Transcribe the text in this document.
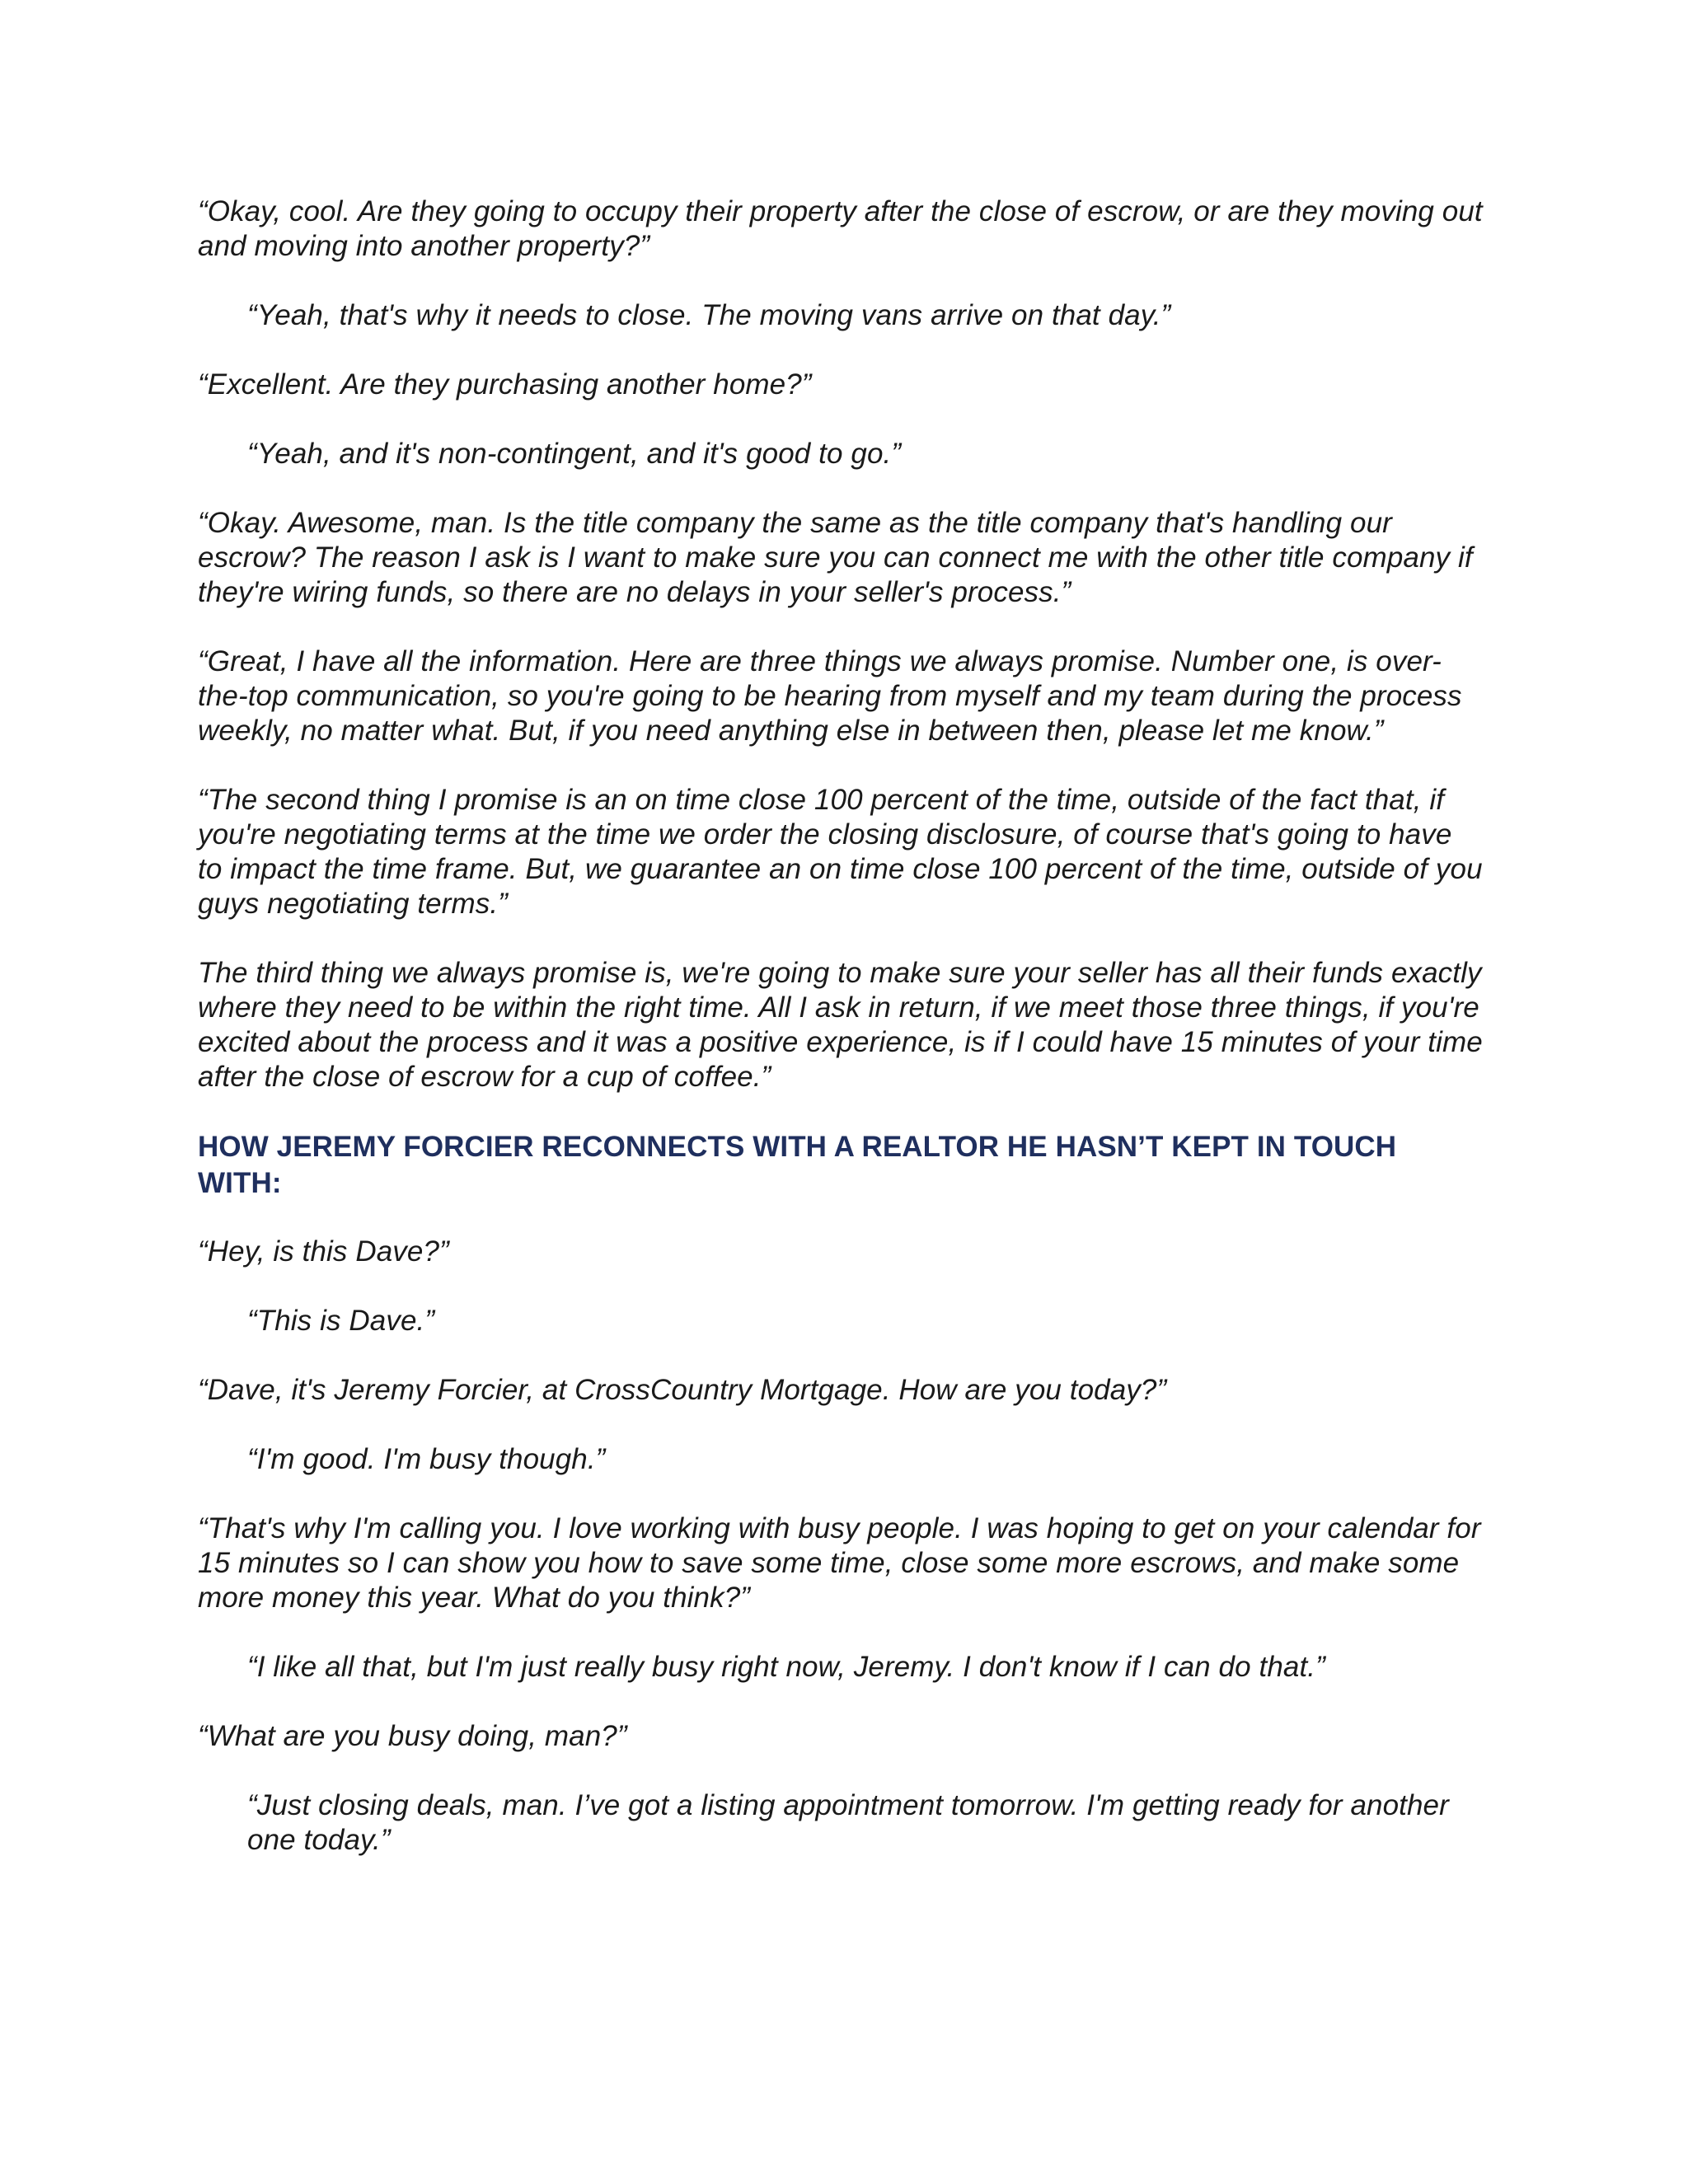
“Okay, cool. Are they going to occupy their property after the close of escrow, or are they moving out and moving into another property?”

“Yeah, that's why it needs to close. The moving vans arrive on that day.”

“Excellent. Are they purchasing another home?”

“Yeah, and it's non-contingent, and it's good to go.”

“Okay. Awesome, man. Is the title company the same as the title company that's handling our escrow? The reason I ask is I want to make sure you can connect me with the other title company if they're wiring funds, so there are no delays in your seller's process.”

“Great, I have all the information. Here are three things we always promise. Number one, is over-the-top communication, so you're going to be hearing from myself and my team during the process weekly, no matter what. But, if you need anything else in between then, please let me know.”

“The second thing I promise is an on time close 100 percent of the time, outside of the fact that, if you're negotiating terms at the time we order the closing disclosure, of course that's going to have to impact the time frame. But, we guarantee an on time close 100 percent of the time, outside of you guys negotiating terms.”

The third thing we always promise is, we're going to make sure your seller has all their funds exactly where they need to be within the right time. All I ask in return, if we meet those three things, if you're excited about the process and it was a positive experience, is if I could have 15 minutes of your time after the close of escrow for a cup of coffee.”

HOW JEREMY FORCIER RECONNECTS WITH A REALTOR HE HASN’T KEPT IN TOUCH WITH:

“Hey, is this Dave?”

“This is Dave.”

“Dave, it's Jeremy Forcier, at CrossCountry Mortgage. How are you today?”

“I'm good. I'm busy though.”

“That's why I'm calling you. I love working with busy people. I was hoping to get on your calendar for 15 minutes so I can show you how to save some time, close some more escrows, and make some more money this year. What do you think?”

“I like all that, but I'm just really busy right now, Jeremy. I don't know if I can do that.”

“What are you busy doing, man?”

“Just closing deals, man. I’ve got a listing appointment tomorrow. I'm getting ready for another one today.”
